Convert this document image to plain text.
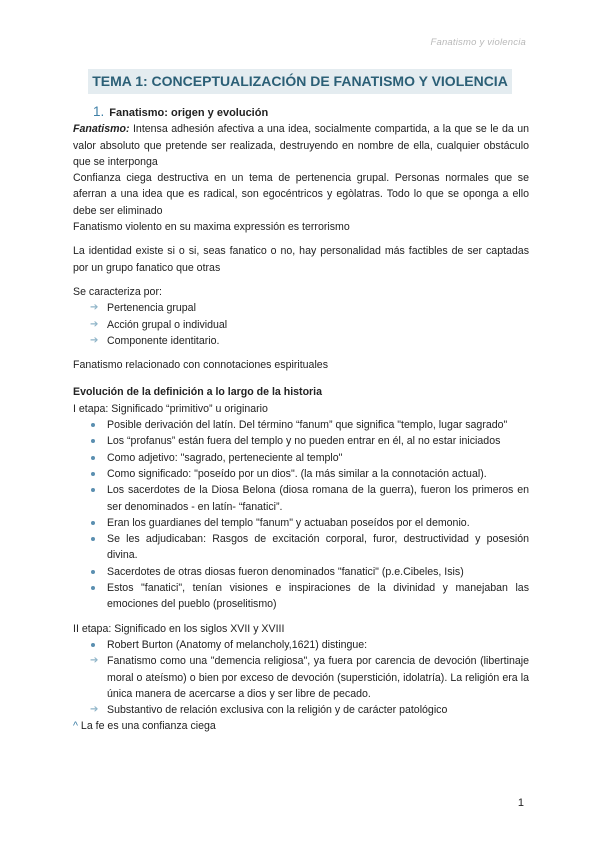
Fanatismo y violencia
TEMA 1: CONCEPTUALIZACIÓN DE FANATISMO Y VIOLENCIA
1. Fanatismo: origen y evolución

Fanatismo: Intensa adhesión afectiva a una idea, socialmente compartida, a la que se le da un valor absoluto que pretende ser realizada, destruyendo en nombre de ella, cualquier obstáculo que se interponga

Confianza ciega destructiva en un tema de pertenencia grupal. Personas normales que se aferran a una idea que es radical, son egocéntricos y egòlatras. Todo lo que se oponga a ello debe ser eliminado

Fanatismo violento en su maxima expressión es terrorismo

La identidad existe si o si, seas fanatico o no, hay personalidad más factibles de ser captadas por un grupo fanatico que otras

Se caracteriza por:

➔ Pertenencia grupal
➔ Acción grupal o individual
➔ Componente identitario.

Fanatismo relacionado con connotaciones espirituales

Evolución de la definición a lo largo de la historia

I etapa: Significado “primitivo” u originario

Posible derivación del latín. Del término “fanum” que significa "templo, lugar sagrado"
Los “profanus” están fuera del templo y no pueden entrar en él, al no estar iniciados
Como adjetivo: "sagrado, perteneciente al templo"
Como significado: "poseído por un dios". (la más similar a la connotación actual).
Los sacerdotes de la Diosa Belona (diosa romana de la guerra), fueron los primeros en ser denominados - en latín- “fanatici”.
Eran los guardianes del templo "fanum" y actuaban poseídos por el demonio.
Se les adjudicaban: Rasgos de excitación corporal, furor, destructividad y posesión divina.
Sacerdotes de otras diosas fueron denominados "fanatici" (p.e.Cibeles, Isis)
Estos "fanatici", tenían visiones e inspiraciones de la divinidad y manejaban las emociones del pueblo (proselitismo)

II etapa: Significado en los siglos XVII y XVIII

Robert Burton (Anatomy of melancholy,1621) distingue:
➔ Fanatismo como una "demencia religiosa", ya fuera por carencia de devoción (libertinaje moral o ateísmo) o bien por exceso de devoción (superstición, idolatría). La religión era la única manera de acercarse a dios y ser libre de pecado.
➔ Substantivo de relación exclusiva con la religión y de carácter patológico

^ La fe es una confianza ciega

1
